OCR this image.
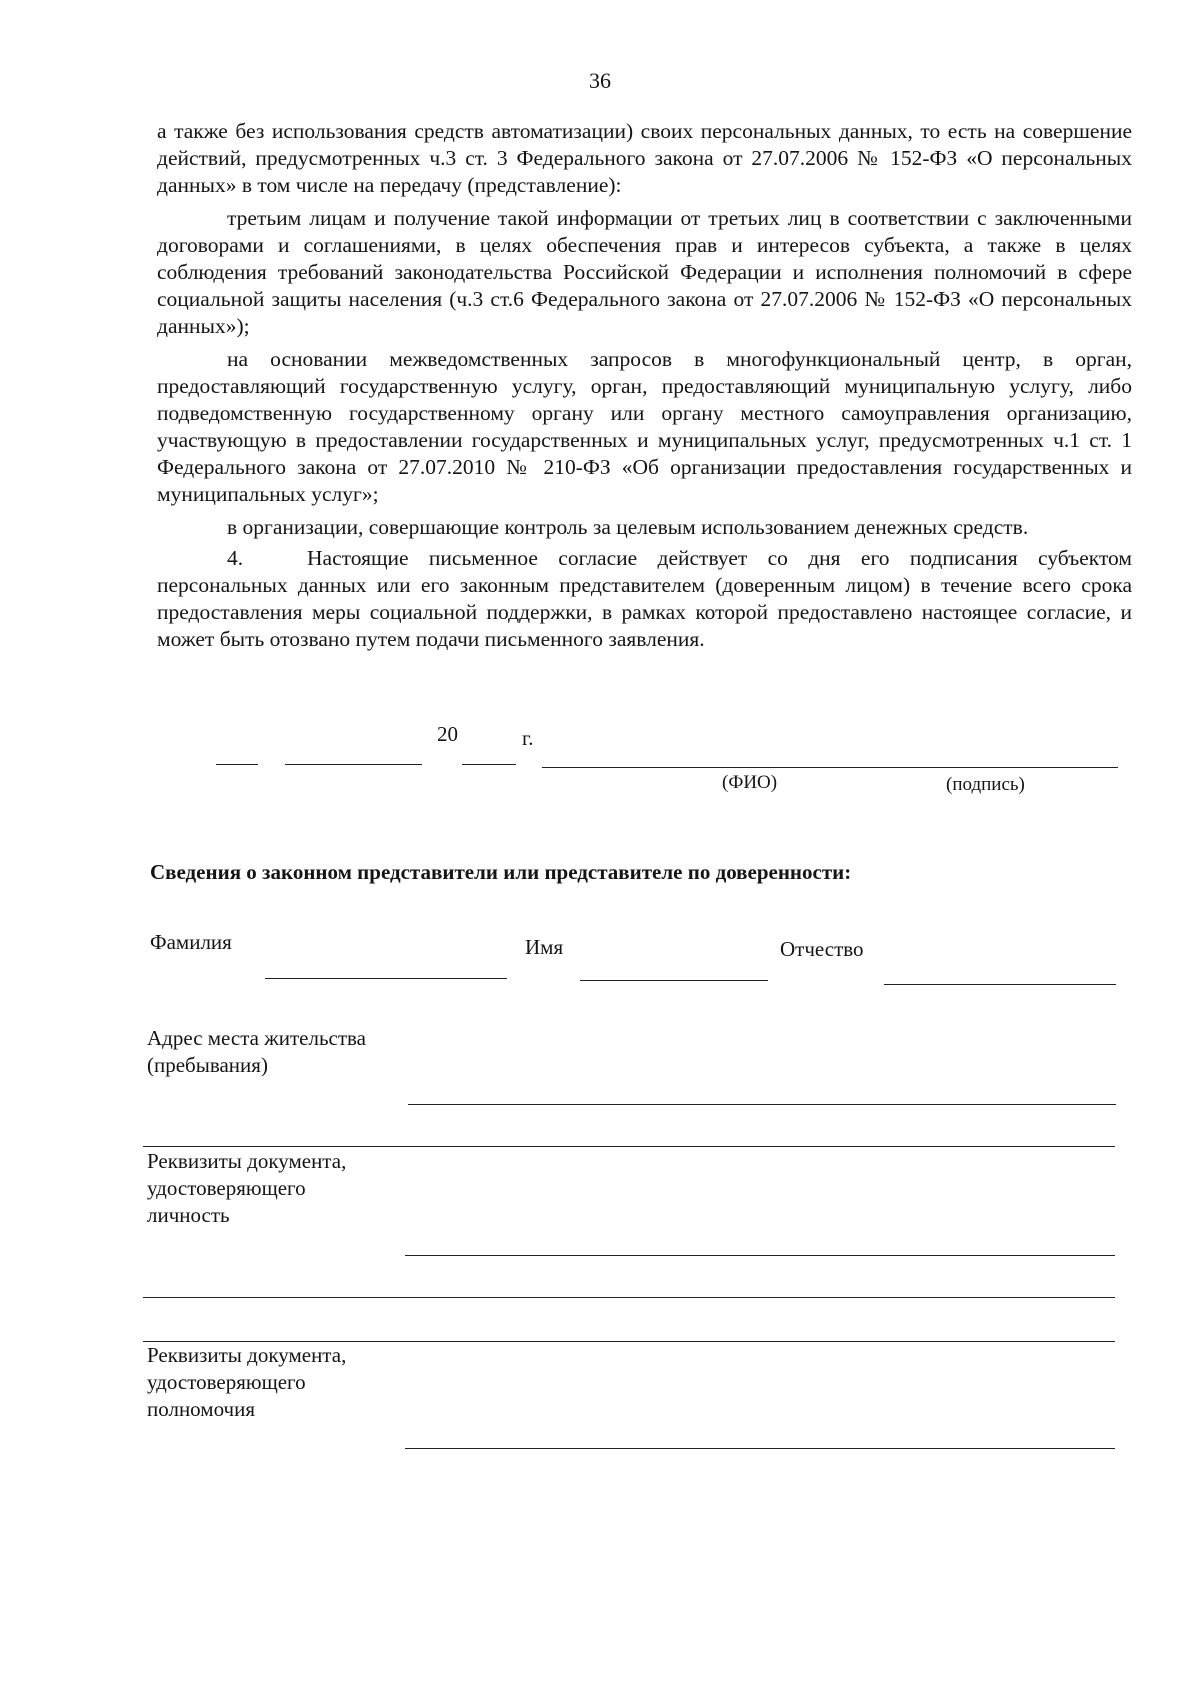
36

а также без использования средств автоматизации) своих персональных данных, то есть на совершение действий, предусмотренных ч.3 ст. 3 Федерального закона от 27.07.2006 № 152-ФЗ «О персональных данных» в том числе на передачу (представление):

третьим лицам и получение такой информации от третьих лиц в соответствии с заключенными договорами и соглашениями, в целях обеспечения прав и интересов субъекта, а также в целях соблюдения требований законодательства Российской Федерации и исполнения полномочий в сфере социальной защиты населения (ч.3 ст.6 Федерального закона от 27.07.2006 № 152-ФЗ «О персональных данных»);

на основании межведомственных запросов в многофункциональный центр, в орган, предоставляющий государственную услугу, орган, предоставляющий муниципальную услугу, либо подведомственную государственному органу или органу местного самоуправления организацию, участвующую в предоставлении государственных и муниципальных услуг, предусмотренных ч.1 ст. 1 Федерального закона от 27.07.2010 № 210-ФЗ «Об организации предоставления государственных и муниципальных услуг»;

в организации, совершающие контроль за целевым использованием денежных средств.

4.	Настоящие письменное согласие действует со дня его подписания субъектом персональных данных или его законным представителем (доверенным лицом) в течение всего срока предоставления меры социальной поддержки, в рамках которой предоставлено настоящее согласие, и может быть отозвано путем подачи письменного заявления.

20	г.
(ФИО)	(подпись)
Сведения о законном представители или представителе по доверенности:
Фамилия	Имя	Отчество
Адрес места жительства
(пребывания)
Реквизиты документа,
удостоверяющего
личность
Реквизиты документа,
удостоверяющего
полномочия
